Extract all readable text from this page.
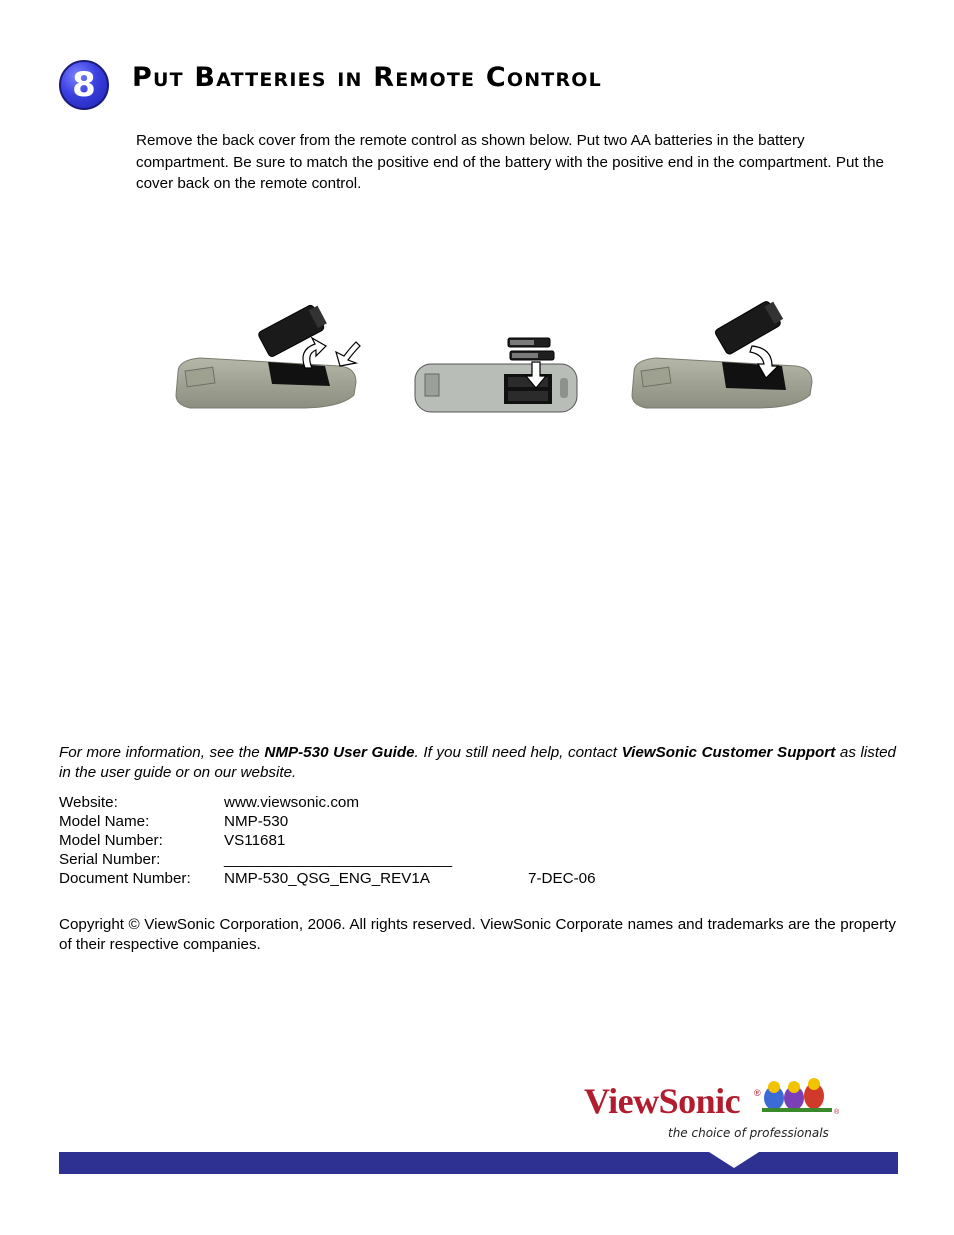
8	Put Batteries in Remote Control

Remove the back cover from the remote control as shown below. Put two AA batteries in the battery compartment. Be sure to match the positive end of the battery with the positive end in the compartment. Put the cover back on the remote control.

For more information, see the NMP-530 User Guide. If you still need help, contact ViewSonic Customer Support as listed in the user guide or on our website.

Website:	www.viewsonic.com
Model Name:	NMP-530
Model Number:	VS11681
Serial Number:	___________________________
Document Number: NMP-530_QSG_ENG_REV1A	7-DEC-06

Copyright © ViewSonic Corporation, 2006. All rights reserved. ViewSonic Corporate names and trademarks are the property of their respective companies.

ViewSonic ®
®
the choice of professionals
